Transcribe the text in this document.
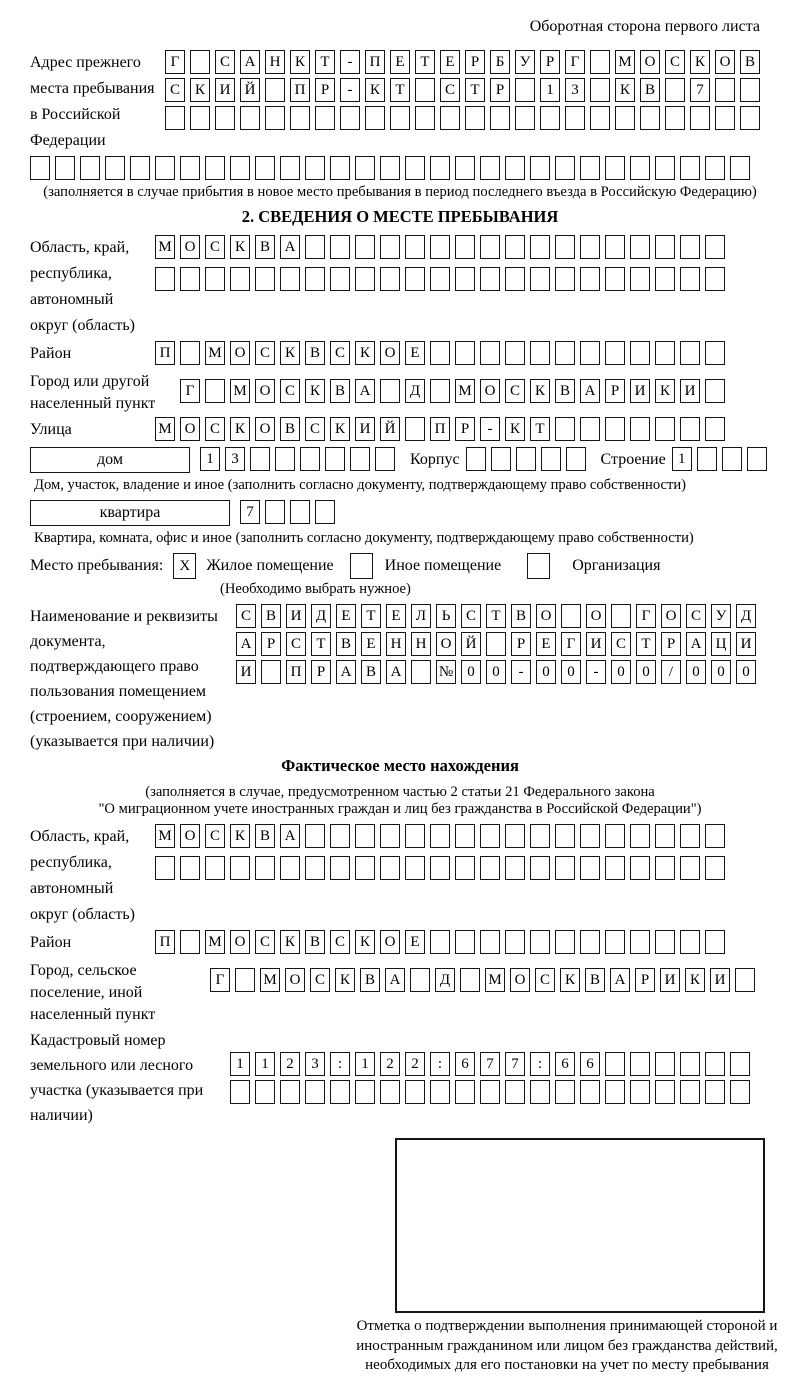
Оборотная сторона первого листа
Адрес прежнего места пребывания в Российской Федерации
Г	С А Н К	Т	-	П Е	Т	Е	Р	Б	У	Р	Г	М О С К О В
С К И Й	П	Р	-	К	Т	С	Т	Р	1	3	К В	7
(заполняется в случае прибытия в новое место пребывания в период последнего въезда в Российскую Федерацию)
2. СВЕДЕНИЯ О МЕСТЕ ПРЕБЫВАНИЯ
Область, край, республика, автономный округ (область)
М О С К В А
Район	П	М О С К В С К О Е
Город или другой населенный пункт
Г	М О С К В А	Д	М О С К В А	Р	И К И
Улица	М О С К О В С К И Й	П	Р	-	К	Т
дом	1	3	Корпус	Строение 1
Дом, участок, владение и иное (заполнить согласно документу, подтверждающему право собственности)
квартира	7
Квартира, комната, офис и иное (заполнить согласно документу, подтверждающему право собственности)
Место пребывания:	X	Жилое помещение	Иное помещение	Организация
(Необходимо выбрать нужное)
Наименование и реквизиты документа, подтверждающего право пользования помещением (строением, сооружением) (указывается при наличии)
С В И Д	Е	Т	Е	Л	Ь	С	Т	В О	О	Г	О С У Д
А	Р	С	Т	В	Е	Н Н О Й	Р	Е	Г	И С	Т	Р	А Ц И
И	П	Р	А В А	№ 0	0	-	0	0	-	0	0	/	0	0	0
Фактическое место нахождения
(заполняется в случае, предусмотренном частью 2 статьи 21 Федерального закона
"О миграционном учете иностранных граждан и лиц без гражданства в Российской Федерации")
Область, край, республика, автономный округ (область)
М О С К В А
Район	П	М О С К В С К О Е
Город, сельское поселение, иной населенный пункт
Г	М О С К В А	Д	М О С К В А	Р	И К И
Кадастровый номер земельного или лесного участка (указывается при наличии)
1	1	2	3	:	1	2	2	:	6	7	7	:	6	6
Отметка о подтверждении выполнения принимающей стороной и иностранным гражданином или лицом без гражданства действий, необходимых для его постановки на учет по месту пребывания
